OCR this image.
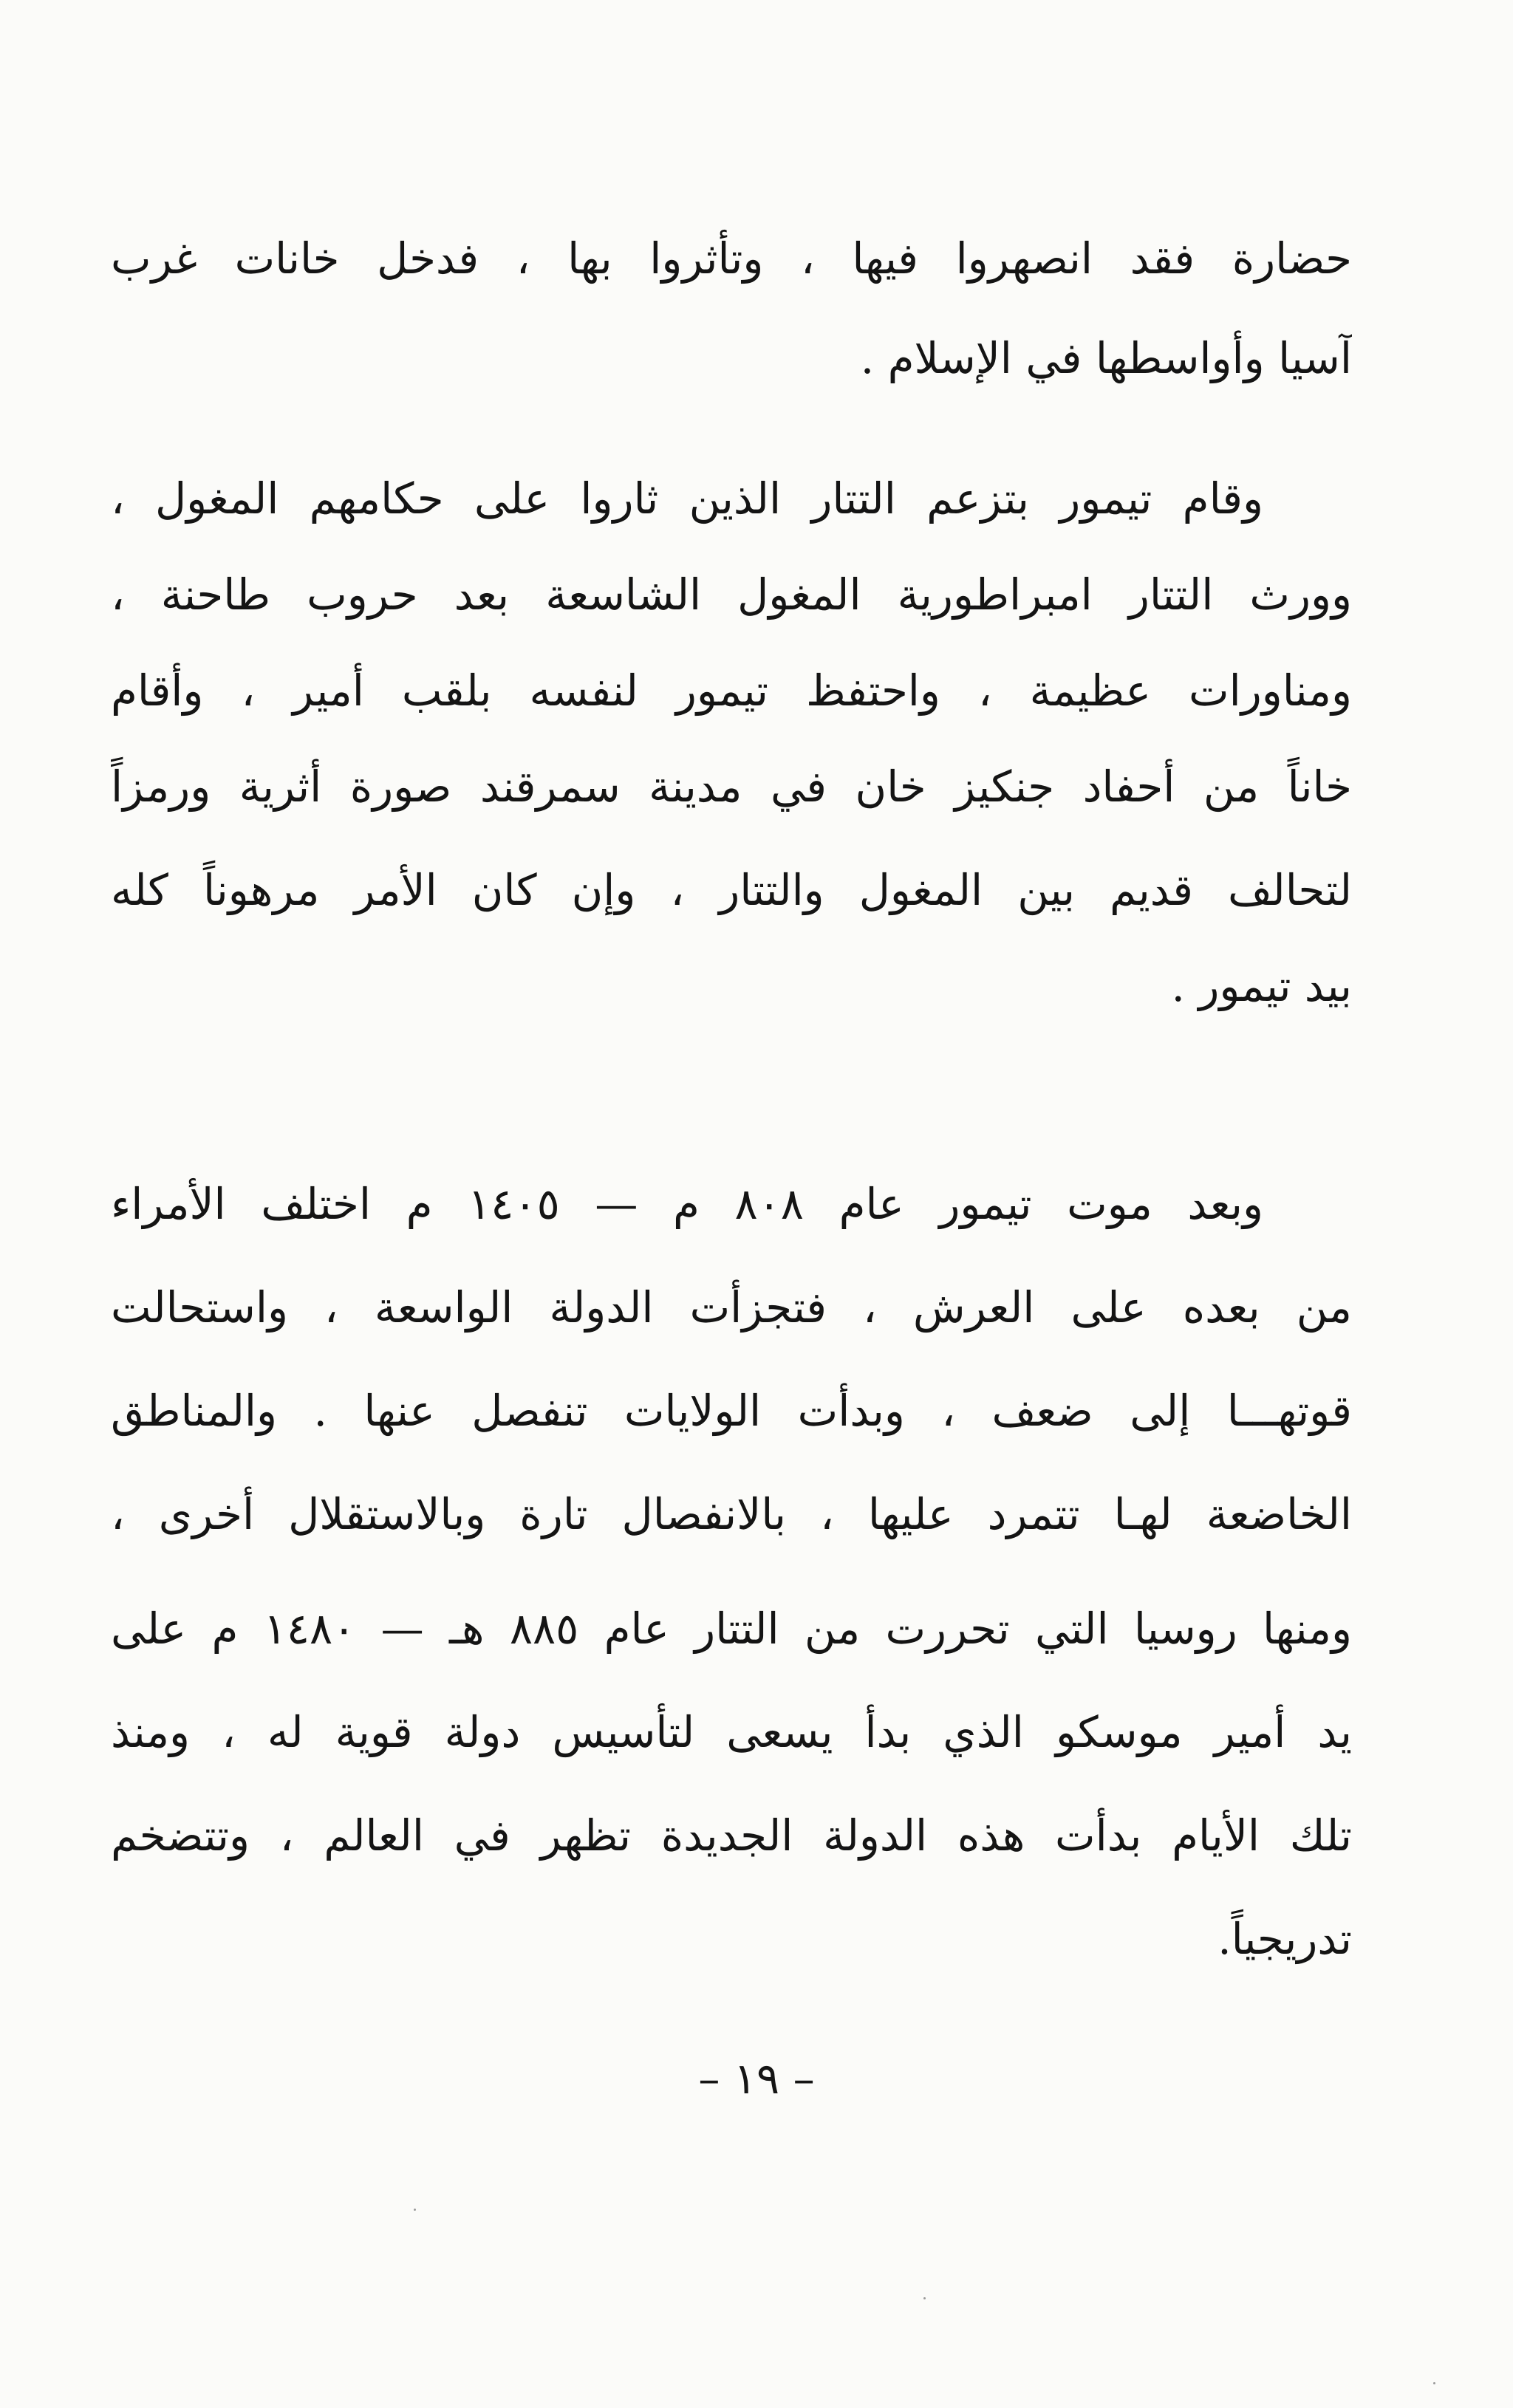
حضارة فقد انصهروا فيها ، وتأثروا بها ، فدخل خانات غرب
آسيا وأواسطها في الإسلام .
وقام تيمور بتزعم التتار الذين ثاروا على حكامهم المغول ،
وورث التتار امبراطورية المغول الشاسعة بعد حروب طاحنة ،
ومناورات عظيمة ، واحتفظ تيمور لنفسه بلقب أمير ، وأقام
خاناً من أحفاد جنكيز خان في مدينة سمرقند صورة أثرية ورمزاً
لتحالف قديم بين المغول والتتار ، وإن كان الأمر مرهوناً كله
بيد تيمور .
وبعد موت تيمور عام ٨٠٨ م — ١٤٠٥ م اختلف الأمراء
من بعده على العرش ، فتجزأت الدولة الواسعة ، واستحالت
قوتهـــا إلى ضعف ، وبدأت الولايات تنفصل عنها . والمناطق
الخاضعة لهـا تتمرد عليها ، بالانفصال تارة وبالاستقلال أخرى ،
ومنها روسيا التي تحررت من التتار عام ٨٨٥ هـ — ١٤٨٠ م على
يد أمير موسكو الذي بدأ يسعى لتأسيس دولة قوية له ، ومنذ
تلك الأيام بدأت هذه الدولة الجديدة تظهر في العالم ، وتتضخم
تدريجياً.
– ١٩ –
